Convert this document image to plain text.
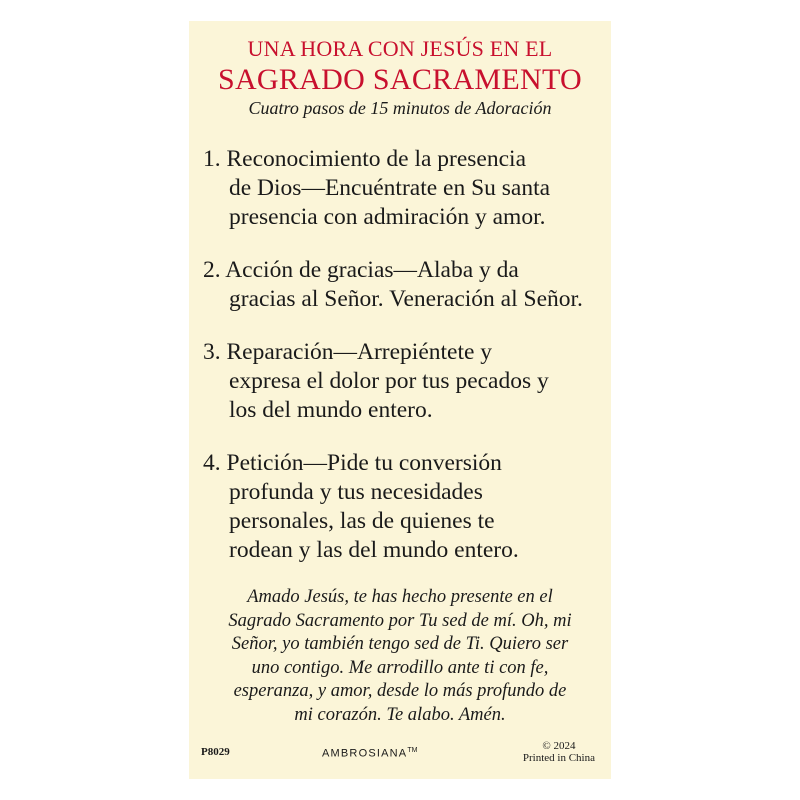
UNA HORA CON JESÚS EN EL
SAGRADO SACRAMENTO
Cuatro pasos de 15 minutos de Adoración
1. Reconocimiento de la presencia
de Dios—Encuéntrate en Su santa
presencia con admiración y amor.
2. Acción de gracias—Alaba y da
gracias al Señor. Veneración al Señor.
3. Reparación—Arrepiéntete y
expresa el dolor por tus pecados y
los del mundo entero.
4. Petición—Pide tu conversión
profunda y tus necesidades
personales, las de quienes te
rodean y las del mundo entero.
Amado Jesús, te has hecho presente en el
Sagrado Sacramento por Tu sed de mí. Oh, mi
Señor, yo también tengo sed de Ti. Quiero ser
uno contigo. Me arrodillo ante ti con fe,
esperanza, y amor, desde lo más profundo de
mi corazón. Te alabo. Amén.
P8029	AMBROSIANA™	© 2024
Printed in China
